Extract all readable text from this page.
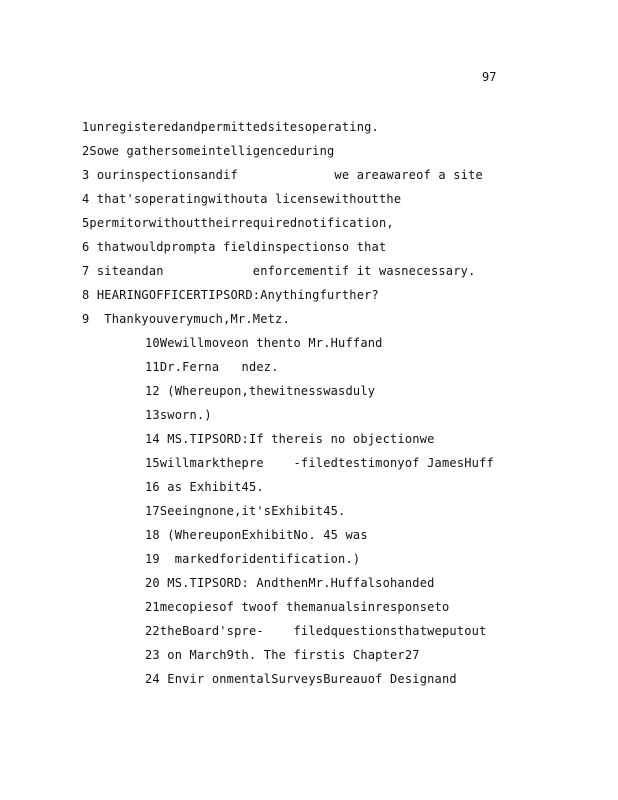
97
1unregisteredandpermittedsitesoperating.
2Sowe gathersomeintelligenceduring
3 ourinspectionsandif             we areawareof a site
4 that'soperatingwithouta licensewithoutthe
5permitorwithouttheirrequirednotification,
6 thatwouldprompta fieldinspectionso that
7 siteandan            enforcementif it wasnecessary.
8 HEARINGOFFICERTIPSORD:Anythingfurther?
9  Thankyouverymuch,Mr.Metz.
10Wewillmoveon thento Mr.Huffand
11Dr.Ferna   ndez.
12 (Whereupon,thewitnesswasduly
13sworn.)
14 MS.TIPSORD:If thereis no objectionwe
15willmarkthepre    -filedtestimonyof JamesHuff
16 as Exhibit45.
17Seeingnone,it'sExhibit45.
18 (WhereuponExhibitNo. 45 was
19  markedforidentification.)
20 MS.TIPSORD: AndthenMr.Huffalsohanded
21mecopiesof twoof themanualsinresponseto
22theBoard'spre-    filedquestionsthatweputout
23 on March9th. The firstis Chapter27
24 Envir onmentalSurveysBureauof Designand
